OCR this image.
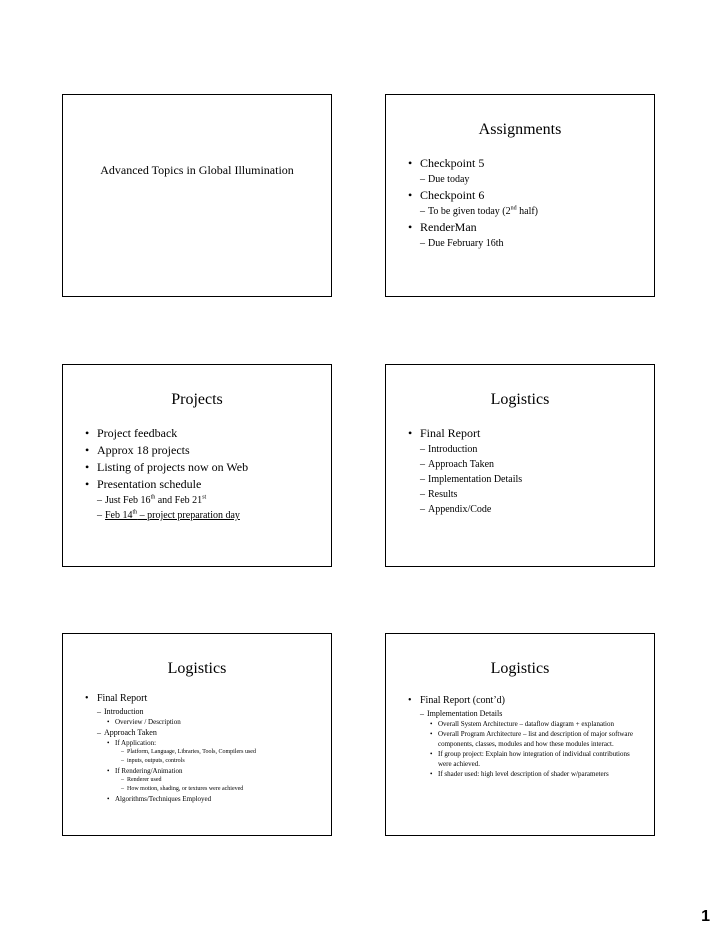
Advanced Topics in Global Illumination
Assignments
• Checkpoint 5
– Due today
• Checkpoint 6
– To be given today (2nd half)
• RenderMan
– Due February 16th
Projects
• Project feedback
• Approx 18 projects
• Listing of projects now on Web
• Presentation schedule
– Just Feb 16th and Feb 21st
– Feb 14th – project preparation day
Logistics
• Final Report
– Introduction
– Approach Taken
– Implementation Details
– Results
– Appendix/Code
Logistics
• Final Report
– Introduction
• Overview / Description
– Approach Taken
• If Application:
– Platform, Language, Libraries, Tools, Compilers used
– inputs, outputs, controls
• If Rendering/Animation
– Renderer used
– How motion, shading, or textures were achieved
• Algorithms/Techniques Employed
Logistics
• Final Report (cont’d)
– Implementation Details
• Overall System Architecture – dataflow diagram + explanation
• Overall Program Architecture – list and description of major software components, classes, modules and how these modules interact.
• If group project: Explain how integration of individual contributions were achieved.
• If shader used: high level description of shader w/parameters
1
